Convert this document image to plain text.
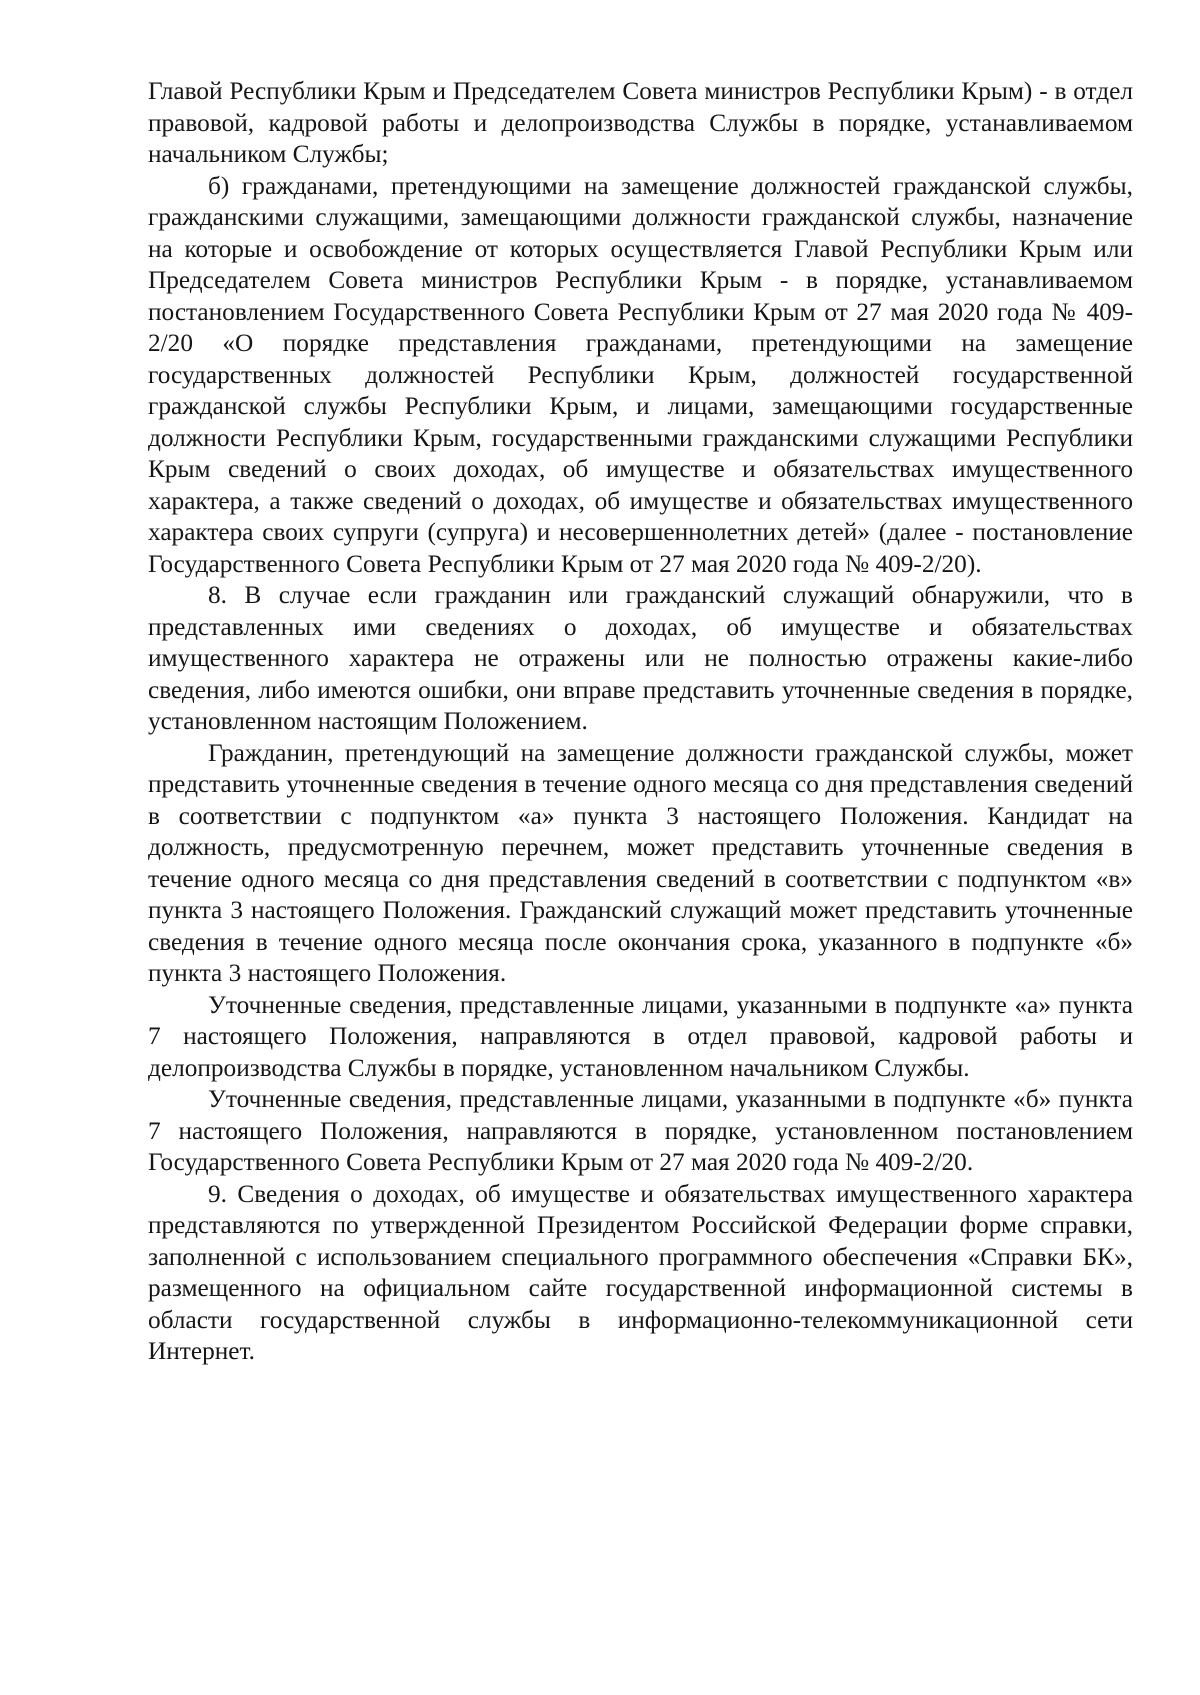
Главой Республики Крым и Председателем Совета министров Республики Крым) - в отдел правовой, кадровой работы и делопроизводства Службы в порядке, устанавливаемом начальником Службы;

б) гражданами, претендующими на замещение должностей гражданской службы, гражданскими служащими, замещающими должности гражданской службы, назначение на которые и освобождение от которых осуществляется Главой Республики Крым или Председателем Совета министров Республики Крым - в порядке, устанавливаемом постановлением Государственного Совета Республики Крым от 27 мая 2020 года № 409-2/20 «О порядке представления гражданами, претендующими на замещение государственных должностей Республики Крым, должностей государственной гражданской службы Республики Крым, и лицами, замещающими государственные должности Республики Крым, государственными гражданскими служащими Республики Крым сведений о своих доходах, об имуществе и обязательствах имущественного характера, а также сведений о доходах, об имуществе и обязательствах имущественного характера своих супруги (супруга) и несовершеннолетних детей» (далее - постановление Государственного Совета Республики Крым от 27 мая 2020 года № 409-2/20).

8. В случае если гражданин или гражданский служащий обнаружили, что в представленных ими сведениях о доходах, об имуществе и обязательствах имущественного характера не отражены или не полностью отражены какие-либо сведения, либо имеются ошибки, они вправе представить уточненные сведения в порядке, установленном настоящим Положением.

Гражданин, претендующий на замещение должности гражданской службы, может представить уточненные сведения в течение одного месяца со дня представления сведений в соответствии с подпунктом «а» пункта 3 настоящего Положения. Кандидат на должность, предусмотренную перечнем, может представить уточненные сведения в течение одного месяца со дня представления сведений в соответствии с подпунктом «в» пункта 3 настоящего Положения. Гражданский служащий может представить уточненные сведения в течение одного месяца после окончания срока, указанного в подпункте «б» пункта 3 настоящего Положения.

Уточненные сведения, представленные лицами, указанными в подпункте «а» пункта 7 настоящего Положения, направляются в отдел правовой, кадровой работы и делопроизводства Службы в порядке, установленном начальником Службы.

Уточненные сведения, представленные лицами, указанными в подпункте «б» пункта 7 настоящего Положения, направляются в порядке, установленном постановлением Государственного Совета Республики Крым от 27 мая 2020 года № 409-2/20.

9. Сведения о доходах, об имуществе и обязательствах имущественного характера представляются по утвержденной Президентом Российской Федерации форме справки, заполненной с использованием специального программного обеспечения «Справки БК», размещенного на официальном сайте государственной информационной системы в области государственной службы в информационно-телекоммуникационной сети Интернет.
